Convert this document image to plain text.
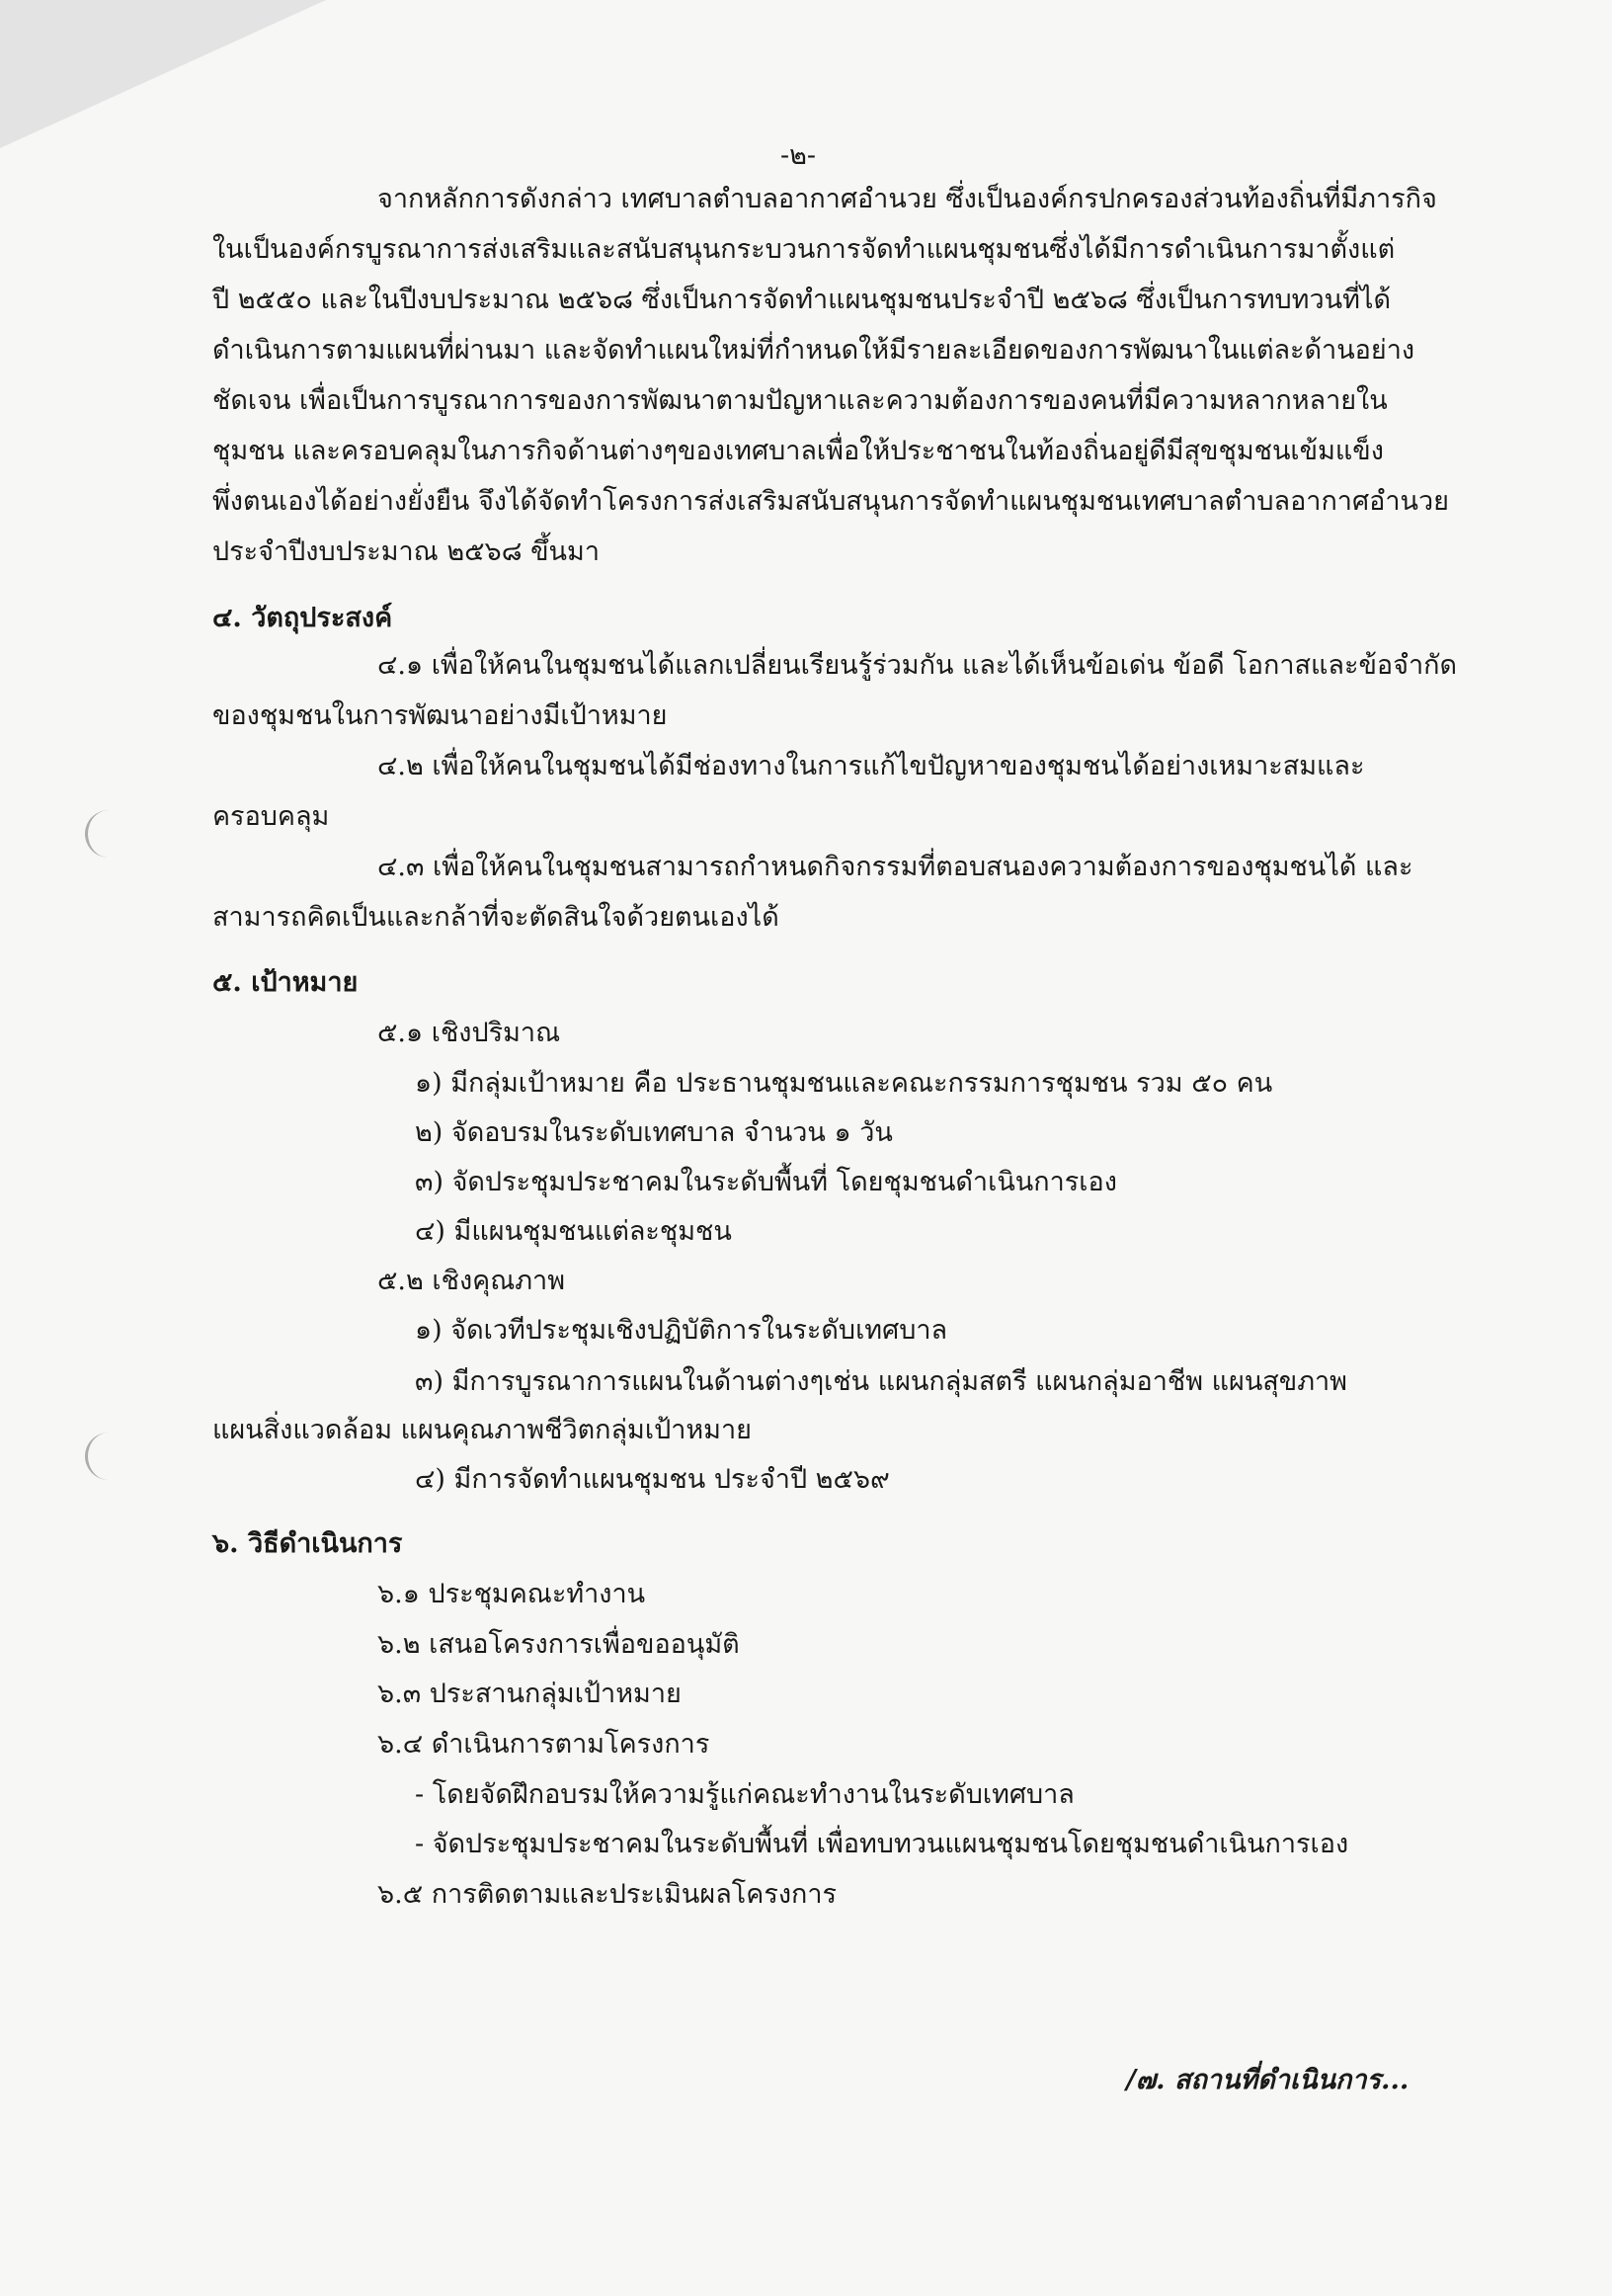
-๒-
จากหลักการดังกล่าว เทศบาลตำบลอากาศอำนวย ซึ่งเป็นองค์กรปกครองส่วนท้องถิ่นที่มีภารกิจ
ในเป็นองค์กรบูรณาการส่งเสริมและสนับสนุนกระบวนการจัดทำแผนชุมชนซึ่งได้มีการดำเนินการมาตั้งแต่
ปี ๒๕๕๐ และในปีงบประมาณ ๒๕๖๘ ซึ่งเป็นการจัดทำแผนชุมชนประจำปี ๒๕๖๘ ซึ่งเป็นการทบทวนที่ได้
ดำเนินการตามแผนที่ผ่านมา และจัดทำแผนใหม่ที่กำหนดให้มีรายละเอียดของการพัฒนาในแต่ละด้านอย่าง
ชัดเจน เพื่อเป็นการบูรณาการของการพัฒนาตามปัญหาและความต้องการของคนที่มีความหลากหลายใน
ชุมชน และครอบคลุมในภารกิจด้านต่างๆของเทศบาลเพื่อให้ประชาชนในท้องถิ่นอยู่ดีมีสุขชุมชนเข้มแข็ง
พึ่งตนเองได้อย่างยั่งยืน จึงได้จัดทำโครงการส่งเสริมสนับสนุนการจัดทำแผนชุมชนเทศบาลตำบลอากาศอำนวย
ประจำปีงบประมาณ ๒๕๖๘ ขึ้นมา
๔. วัตถุประสงค์
๔.๑ เพื่อให้คนในชุมชนได้แลกเปลี่ยนเรียนรู้ร่วมกัน และได้เห็นข้อเด่น ข้อดี โอกาสและข้อจำกัด
ของชุมชนในการพัฒนาอย่างมีเป้าหมาย
๔.๒ เพื่อให้คนในชุมชนได้มีช่องทางในการแก้ไขปัญหาของชุมชนได้อย่างเหมาะสมและ
ครอบคลุม
๔.๓ เพื่อให้คนในชุมชนสามารถกำหนดกิจกรรมที่ตอบสนองความต้องการของชุมชนได้ และ
สามารถคิดเป็นและกล้าที่จะตัดสินใจด้วยตนเองได้
๕. เป้าหมาย
๕.๑ เชิงปริมาณ
๑) มีกลุ่มเป้าหมาย คือ ประธานชุมชนและคณะกรรมการชุมชน รวม ๕๐ คน
๒) จัดอบรมในระดับเทศบาล จำนวน ๑ วัน
๓) จัดประชุมประชาคมในระดับพื้นที่ โดยชุมชนดำเนินการเอง
๔) มีแผนชุมชนแต่ละชุมชน
๕.๒ เชิงคุณภาพ
๑) จัดเวทีประชุมเชิงปฏิบัติการในระดับเทศบาล
๓) มีการบูรณาการแผนในด้านต่างๆเช่น แผนกลุ่มสตรี แผนกลุ่มอาชีพ แผนสุขภาพ
แผนสิ่งแวดล้อม แผนคุณภาพชีวิตกลุ่มเป้าหมาย
๔) มีการจัดทำแผนชุมชน ประจำปี ๒๕๖๙
๖. วิธีดำเนินการ
๖.๑ ประชุมคณะทำงาน
๖.๒ เสนอโครงการเพื่อขออนุมัติ
๖.๓ ประสานกลุ่มเป้าหมาย
๖.๔ ดำเนินการตามโครงการ
- โดยจัดฝึกอบรมให้ความรู้แก่คณะทำงานในระดับเทศบาล
- จัดประชุมประชาคมในระดับพื้นที่ เพื่อทบทวนแผนชุมชนโดยชุมชนดำเนินการเอง
๖.๕ การติดตามและประเมินผลโครงการ
/๗. สถานที่ดำเนินการ...
